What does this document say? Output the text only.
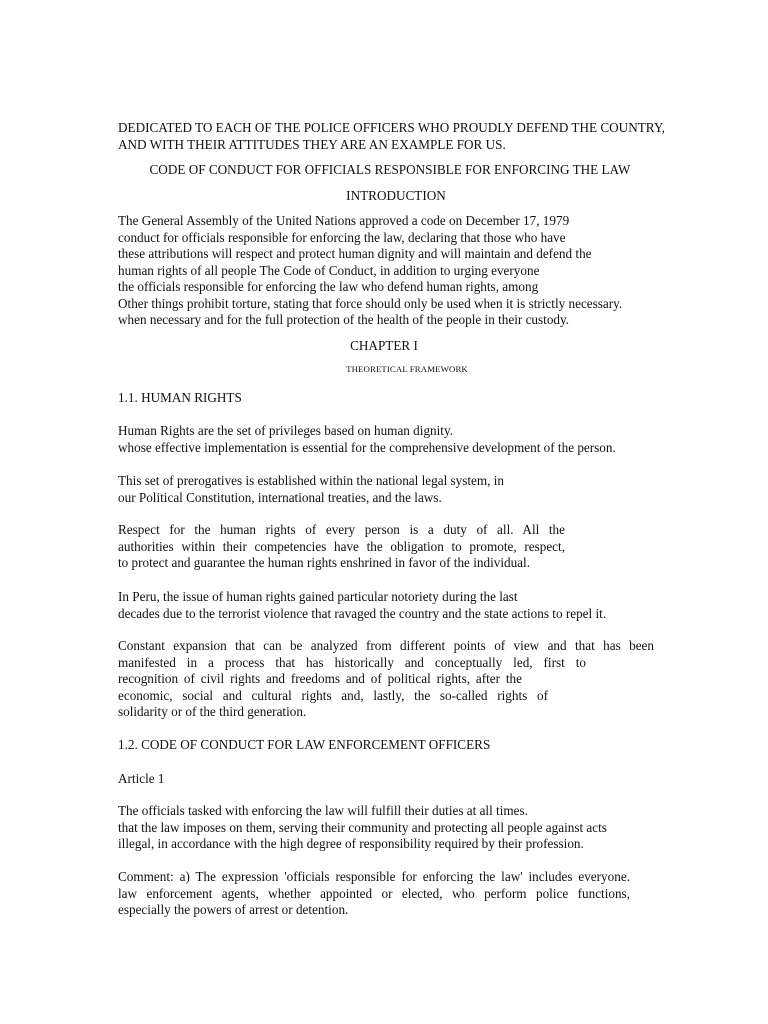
DEDICATED TO EACH OF THE POLICE OFFICERS WHO PROUDLY DEFEND THE COUNTRY,
AND WITH THEIR ATTITUDES THEY ARE AN EXAMPLE FOR US.
CODE OF CONDUCT FOR OFFICIALS RESPONSIBLE FOR ENFORCING THE LAW
INTRODUCTION
The General Assembly of the United Nations approved a code on December 17, 1979
conduct for officials responsible for enforcing the law, declaring that those who have
these attributions will respect and protect human dignity and will maintain and defend the
human rights of all people The Code of Conduct, in addition to urging everyone
the officials responsible for enforcing the law who defend human rights, among
Other things prohibit torture, stating that force should only be used when it is strictly necessary.
when necessary and for the full protection of the health of the people in their custody.
CHAPTER I
THEORETICAL FRAMEWORK
1.1. HUMAN RIGHTS
Human Rights are the set of privileges based on human dignity.
whose effective implementation is essential for the comprehensive development of the person.
This set of prerogatives is established within the national legal system, in
our Political Constitution, international treaties, and the laws.
Respect for the human rights of every person is a duty of all. All the
authorities within their competencies have the obligation to promote, respect,
to protect and guarantee the human rights enshrined in favor of the individual.
In Peru, the issue of human rights gained particular notoriety during the last
decades due to the terrorist violence that ravaged the country and the state actions to repel it.
Constant expansion that can be analyzed from different points of view and that has been
manifested in a process that has historically and conceptually led, first to
recognition of civil rights and freedoms and of political rights, after the
economic, social and cultural rights and, lastly, the so-called rights of
solidarity or of the third generation.
1.2. CODE OF CONDUCT FOR LAW ENFORCEMENT OFFICERS
Article 1
The officials tasked with enforcing the law will fulfill their duties at all times.
that the law imposes on them, serving their community and protecting all people against acts
illegal, in accordance with the high degree of responsibility required by their profession.
Comment: a) The expression 'officials responsible for enforcing the law' includes everyone.
law enforcement agents, whether appointed or elected, who perform police functions,
especially the powers of arrest or detention.
